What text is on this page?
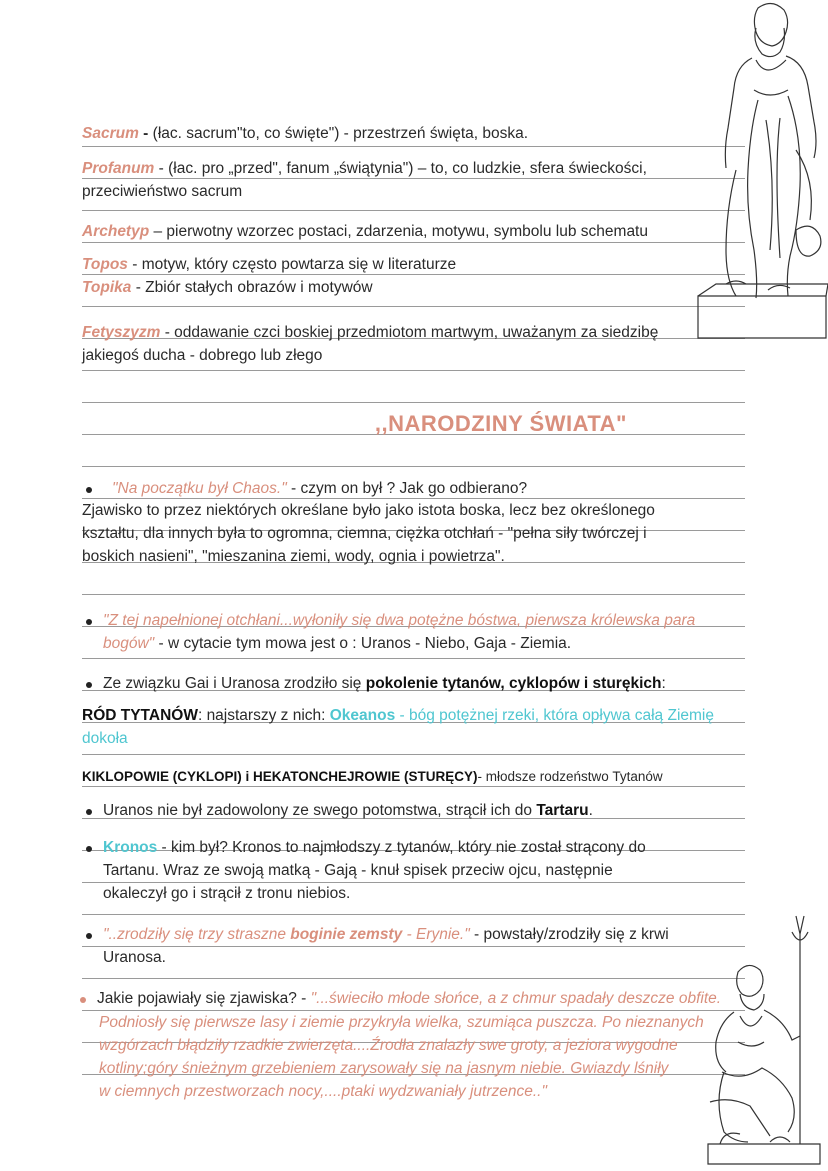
Sacrum - (łac. sacrum"to, co święte") - przestrzeń święta, boska.
Profanum - (łac. pro „przed", fanum „świątynia") – to, co ludzkie, sfera świeckości,
przeciwieństwo sacrum
Archetyp – pierwotny wzorzec postaci, zdarzenia, motywu, symbolu lub schematu
Topos - motyw, który często powtarza się w literaturze
Topika - Zbiór stałych obrazów i motywów
Fetyszyzm - oddawanie czci boskiej przedmiotom martwym, uważanym za siedzibę
jakiegoś ducha - dobrego lub złego
,,NARODZINY ŚWIATA"
"Na początku był Chaos." - czym on był ? Jak go odbierano?
Zjawisko to przez niektórych określane było jako istota boska, lecz bez określonego
kształtu, dla innych była to ogromna, ciemna, ciężka otchłań - "pełna siły twórczej i
boskich nasieni", "mieszanina ziemi, wody, ognia i powietrza".
"Z tej napełnionej otchłani...wyłoniły się dwa potężne bóstwa, pierwsza królewska para
bogów" - w cytacie tym mowa jest o : Uranos - Niebo, Gaja - Ziemia.
Ze związku Gai i Uranosa zrodziło się pokolenie tytanów, cyklopów i sturękich:
RÓD TYTANÓW: najstarszy z nich: Okeanos - bóg potężnej rzeki, która opływa całą Ziemię
dokoła
KIKLOPOWIE (CYKLOPI) i HEKATONCHEJROWIE (STURĘCY)- młodsze rodzeństwo Tytanów
Uranos nie był zadowolony ze swego potomstwa, strącił ich do Tartaru.
Kronos - kim był? Kronos to najmłodszy z tytanów, który nie został strącony do
Tartanu. Wraz ze swoją matką - Gają - knuł spisek przeciw ojcu, następnie
okaleczył go i strącił z tronu niebios.
"..zrodziły się trzy straszne boginie zemsty - Erynie." - powstały/zrodziły się z krwi
Uranosa.
Jakie pojawiały się zjawiska? - "...świeciło młode słońce, a z chmur spadały deszcze obfite.
Podniosły się pierwsze lasy i ziemie przykryła wielka, szumiąca puszcza. Po nieznanych
wzgórzach błądziły rzadkie zwierzęta....Źrodła znalazły swe groty, a jeziora wygodne
kotliny;góry śnieżnym grzebieniem zarysowały się na jasnym niebie. Gwiazdy lśniły
w ciemnych przestworzach nocy,....ptaki wydzwaniały jutrzence.."
